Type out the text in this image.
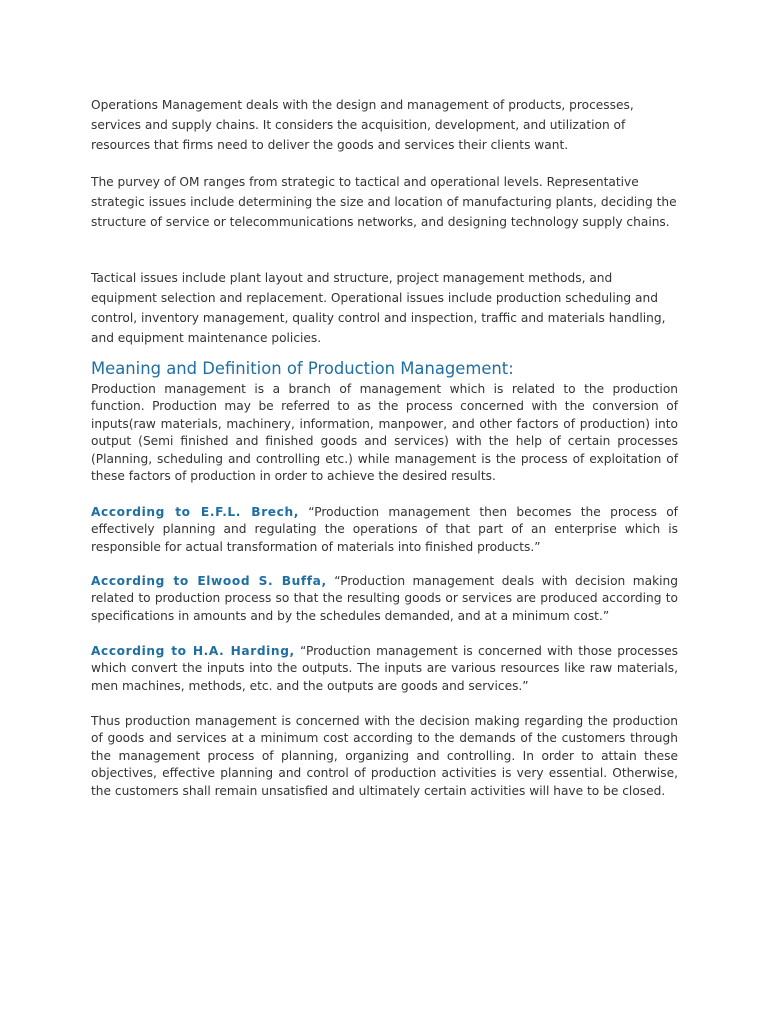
Operations Management deals with the design and management of products, processes, services and supply chains. It considers the acquisition, development, and utilization of resources that firms need to deliver the goods and services their clients want.

The purvey of OM ranges from strategic to tactical and operational levels. Representative strategic issues include determining the size and location of manufacturing plants, deciding the structure of service or telecommunications networks, and designing technology supply chains.

Tactical issues include plant layout and structure, project management methods, and equipment selection and replacement. Operational issues include production scheduling and control, inventory management, quality control and inspection, traffic and materials handling, and equipment maintenance policies.

Meaning and Definition of Production Management:

Production management is a branch of management which is related to the production function. Production may be referred to as the process concerned with the conversion of inputs(raw materials, machinery, information, manpower, and other factors of production) into output (Semi finished and finished goods and services) with the help of certain processes (Planning, scheduling and controlling etc.) while management is the process of exploitation of these factors of production in order to achieve the desired results.

According to E.F.L. Brech, “Production management then becomes the process of effectively planning and regulating the operations of that part of an enterprise which is responsible for actual transformation of materials into finished products.”

According to Elwood S. Buffa, “Production management deals with decision making related to production process so that the resulting goods or services are produced according to specifications in amounts and by the schedules demanded, and at a minimum cost.”

According to H.A. Harding, “Production management is concerned with those processes which convert the inputs into the outputs. The inputs are various resources like raw materials, men machines, methods, etc. and the outputs are goods and services.”

Thus production management is concerned with the decision making regarding the production of goods and services at a minimum cost according to the demands of the customers through the management process of planning, organizing and controlling. In order to attain these objectives, effective planning and control of production activities is very essential. Otherwise, the customers shall remain unsatisfied and ultimately certain activities will have to be closed.
